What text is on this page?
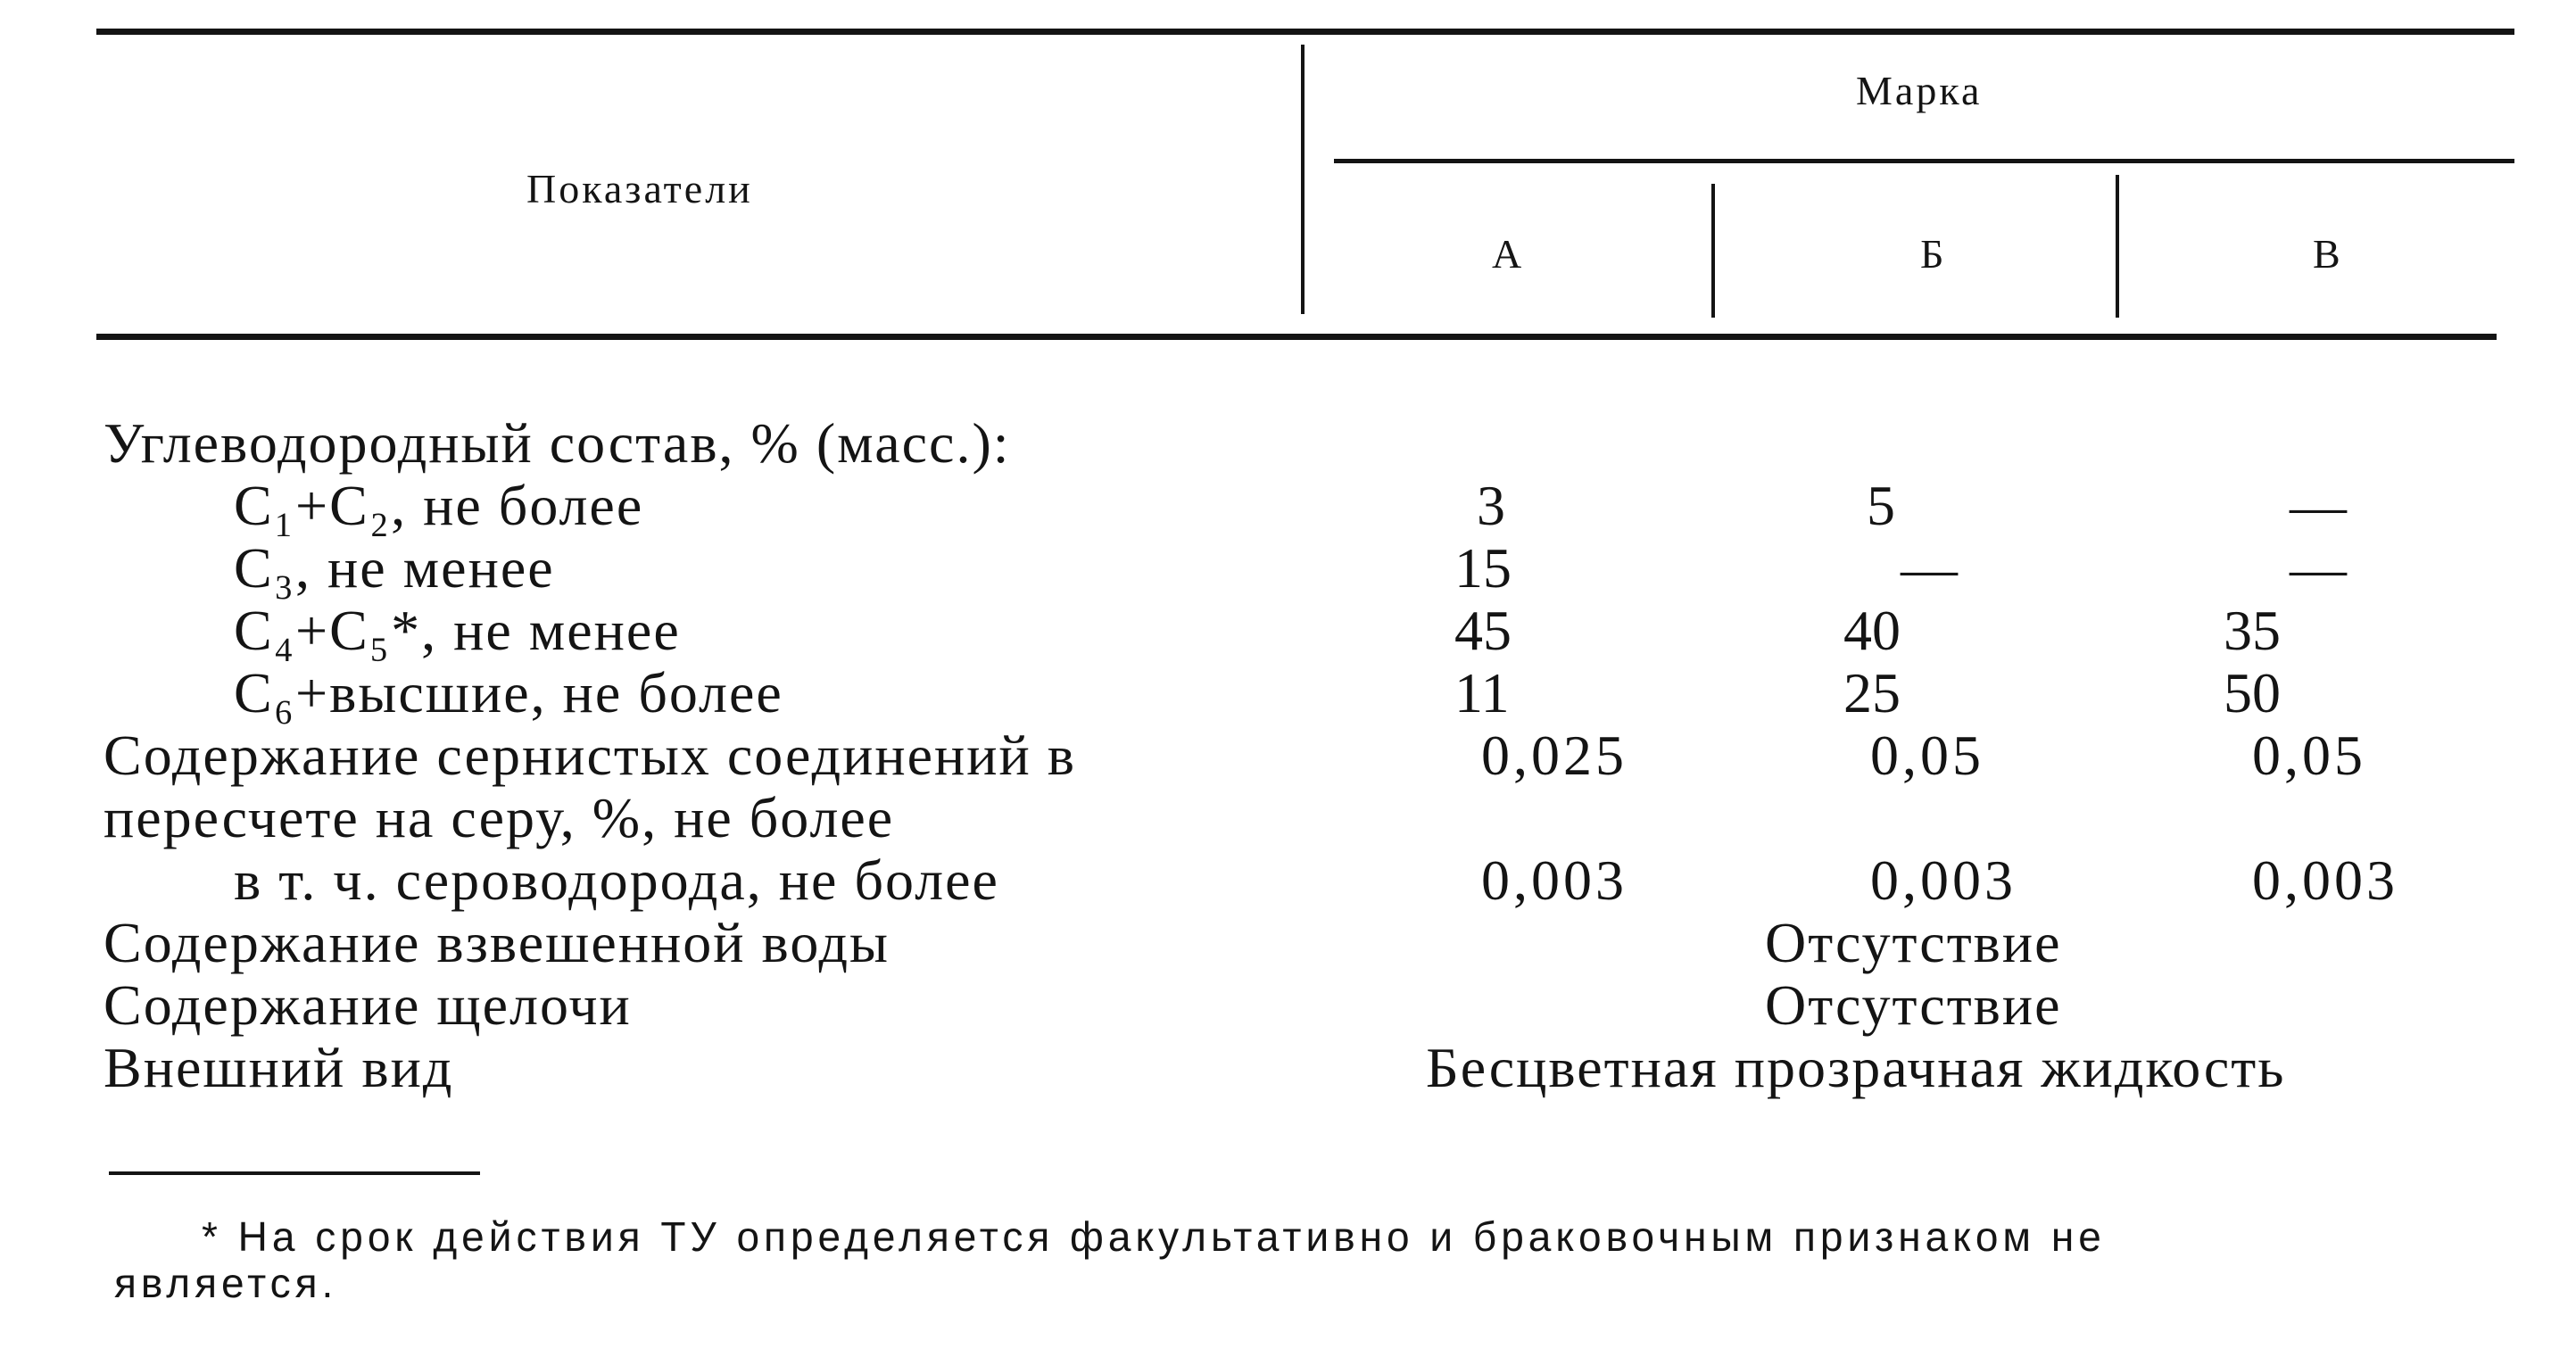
Показатели
Марка
А	Б	В
Углеводородный состав, % (масс.):
С₁+С₂, не более
С₃, не менее
С₄+С₅*, не менее
С₆+высшие, не более
Содержание сернистых соединений в
пересчете на серу, %, не более
в т. ч. сероводорода, не более
Содержание взвешенной воды
Содержание щелочи
Внешний вид
3
15
45
11
0,025
0,003
5
—
40
25
0,05
0,003
—
—
35
50
0,05
0,003
Отсутствие
Отсутствие
Бесцветная прозрачная жидкость
* На срок действия ТУ определяется факультативно и браковочным признаком не
является.
